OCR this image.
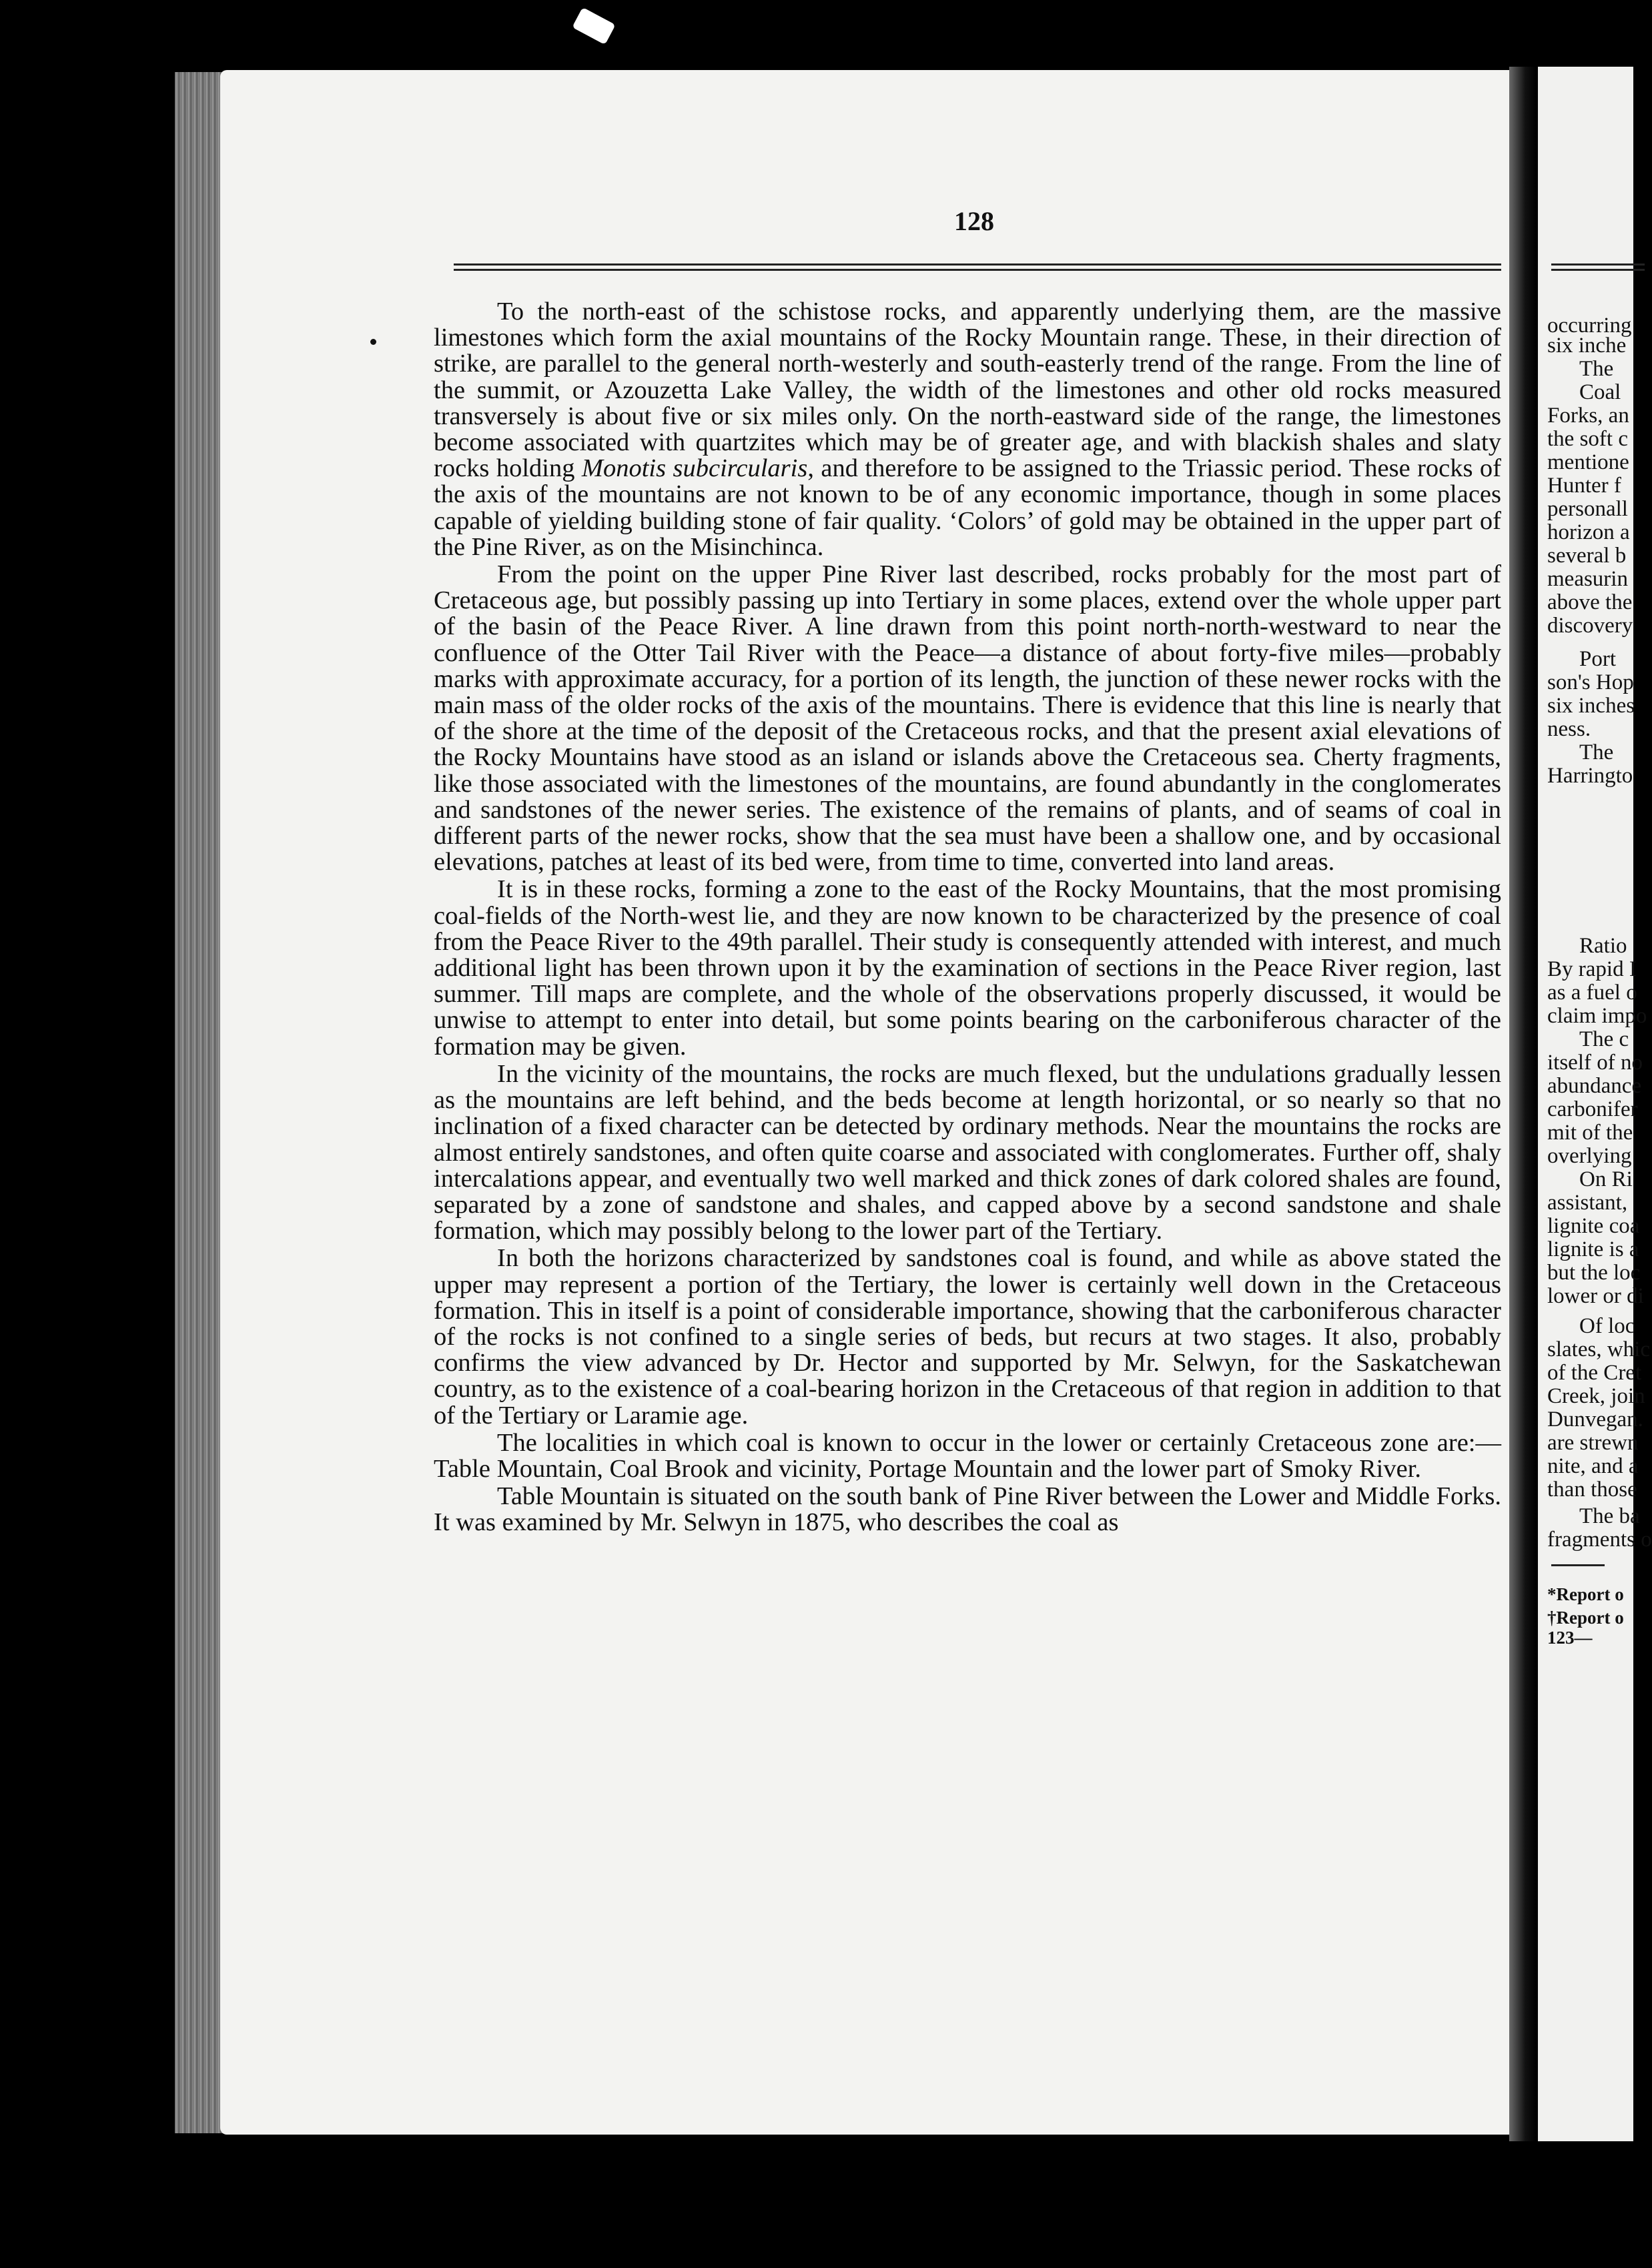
128

To the north-east of the schistose rocks, and apparently underlying them, are the massive limestones which form the axial mountains of the Rocky Mountain range. These, in their direction of strike, are parallel to the general north-westerly and south-easterly trend of the range. From the line of the summit, or Azouzetta Lake Valley, the width of the limestones and other old rocks measured transversely is about five or six miles only. On the north-eastward side of the range, the limestones become associated with quartzites which may be of greater age, and with blackish shales and slaty rocks holding Monotis subcircularis, and therefore to be assigned to the Triassic period. These rocks of the axis of the mountains are not known to be of any economic importance, though in some places capable of yielding building stone of fair quality. ‘Colors’ of gold may be obtained in the upper part of the Pine River, as on the Misinchinca.

From the point on the upper Pine River last described, rocks probably for the most part of Cretaceous age, but possibly passing up into Tertiary in some places, extend over the whole upper part of the basin of the Peace River. A line drawn from this point north-north-westward to near the confluence of the Otter Tail River with the Peace—a distance of about forty-five miles—probably marks with approximate accuracy, for a portion of its length, the junction of these newer rocks with the main mass of the older rocks of the axis of the mountains. There is evidence that this line is nearly that of the shore at the time of the deposit of the Cretaceous rocks, and that the present axial elevations of the Rocky Mountains have stood as an island or islands above the Cretaceous sea. Cherty fragments, like those associated with the limestones of the mountains, are found abundantly in the conglomerates and sandstones of the newer series. The existence of the remains of plants, and of seams of coal in different parts of the newer rocks, show that the sea must have been a shallow one, and by occasional elevations, patches at least of its bed were, from time to time, converted into land areas.

It is in these rocks, forming a zone to the east of the Rocky Mountains, that the most promising coal-fields of the North-west lie, and they are now known to be characterized by the presence of coal from the Peace River to the 49th parallel. Their study is consequently attended with interest, and much additional light has been thrown upon it by the examination of sections in the Peace River region, last summer. Till maps are complete, and the whole of the observations properly discussed, it would be unwise to attempt to enter into detail, but some points bearing on the carboniferous character of the formation may be given.

In the vicinity of the mountains, the rocks are much flexed, but the undulations gradually lessen as the mountains are left behind, and the beds become at length horizontal, or so nearly so that no inclination of a fixed character can be detected by ordinary methods. Near the mountains the rocks are almost entirely sandstones, and often quite coarse and associated with conglomerates. Further off, shaly intercalations appear, and eventually two well marked and thick zones of dark colored shales are found, separated by a zone of sandstone and shales, and capped above by a second sandstone and shale formation, which may possibly belong to the lower part of the Tertiary.

In both the horizons characterized by sandstones coal is found, and while as above stated the upper may represent a portion of the Tertiary, the lower is certainly well down in the Cretaceous formation. This in itself is a point of considerable importance, showing that the carboniferous character of the rocks is not confined to a single series of beds, but recurs at two stages. It also, probably confirms the view advanced by Dr. Hector and supported by Mr. Selwyn, for the Saskatchewan country, as to the existence of a coal-bearing horizon in the Cretaceous of that region in addition to that of the Tertiary or Laramie age.

The localities in which coal is known to occur in the lower or certainly Cretaceous zone are:—Table Mountain, Coal Brook and vicinity, Portage Mountain and the lower part of Smoky River.

Table Mountain is situated on the south bank of Pine River between the Lower and Middle Forks. It was examined by Mr. Selwyn in 1875, who describes the coal as

occurring
six inche
The
Coal
Forks, an
the soft c
mentione
Hunter f
personall
horizon a
several b
measurin
above the
discovery
Port
son's Hop
six inches
ness.
The
Harringto
Ratio
By rapid I
as a fuel o
claim impo
The c
itself of no
abundance
carbonifer
mit of the
overlying
On Ri
assistant,
lignite coa
lignite is a
but the loc
lower or di
Of loc
slates, whic
of the Cret
Creek, join
Dunvegan.
are strewn
nite, and a
than those
The ba
fragments o
*Report o
†Report o
123—
